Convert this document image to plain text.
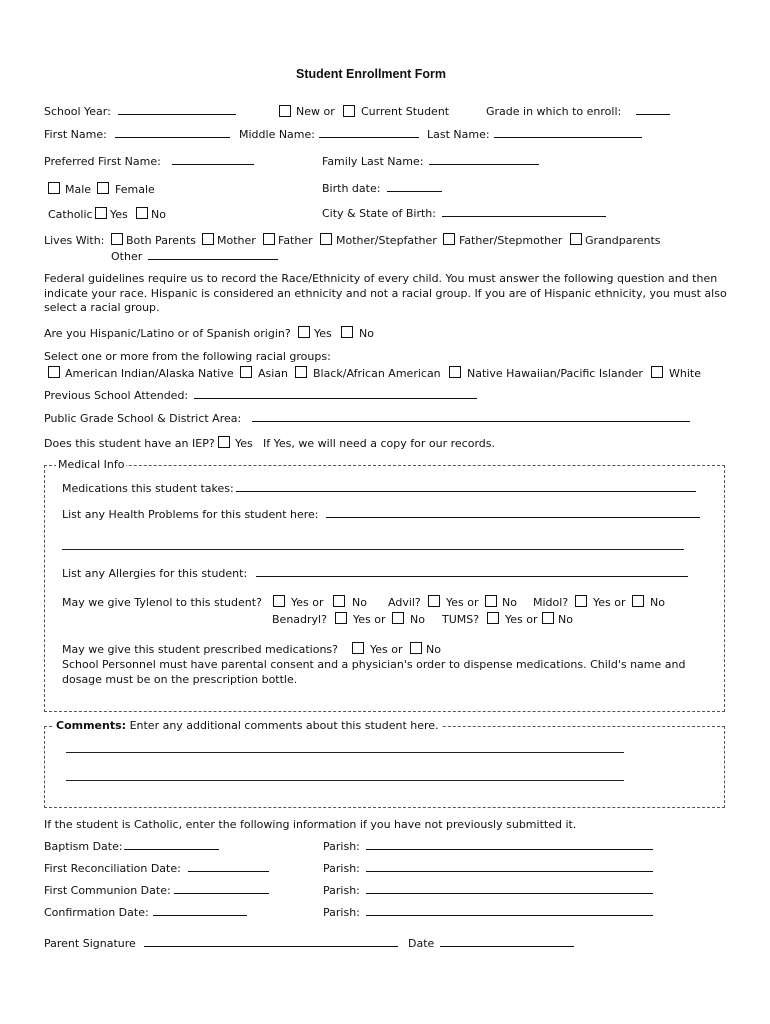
Student Enrollment Form
School Year:	New or Current Student	Grade in which to enroll:
First Name:	Middle Name:	Last Name:
Preferred First Name:	Family Last Name:
Male Female	Birth date:
Catholic Yes No	City & State of Birth:
Lives With: Both Parents Mother Father Mother/Stepfather Father/Stepmother Grandparents
Other
Federal guidelines require us to record the Race/Ethnicity of every child. You must answer the following question and then indicate your race. Hispanic is considered an ethnicity and not a racial group. If you are of Hispanic ethnicity, you must also select a racial group.
Are you Hispanic/Latino or of Spanish origin? Yes No
Select one or more from the following racial groups:
American Indian/Alaska Native Asian Black/African American Native Hawaiian/Pacific Islander White
Previous School Attended:
Public Grade School & District Area:
Does this student have an IEP? Yes If Yes, we will need a copy for our records.
Medical Info
Medications this student takes:
List any Health Problems for this student here:
List any Allergies for this student:
May we give Tylenol to this student?	Yes or	No Advil? Yes or No Midol? Yes or No
Benadryl? Yes or No TUMS? Yes or No
May we give this student prescribed medications?	Yes or No
School Personnel must have parental consent and a physician's order to dispense medications. Child's name and dosage must be on the prescription bottle.
Comments: Enter any additional comments about this student here.
If the student is Catholic, enter the following information if you have not previously submitted it.
Baptism Date:	Parish:
First Reconciliation Date:	Parish:
First Communion Date:	Parish:
Confirmation Date:	Parish:
Parent Signature	Date
